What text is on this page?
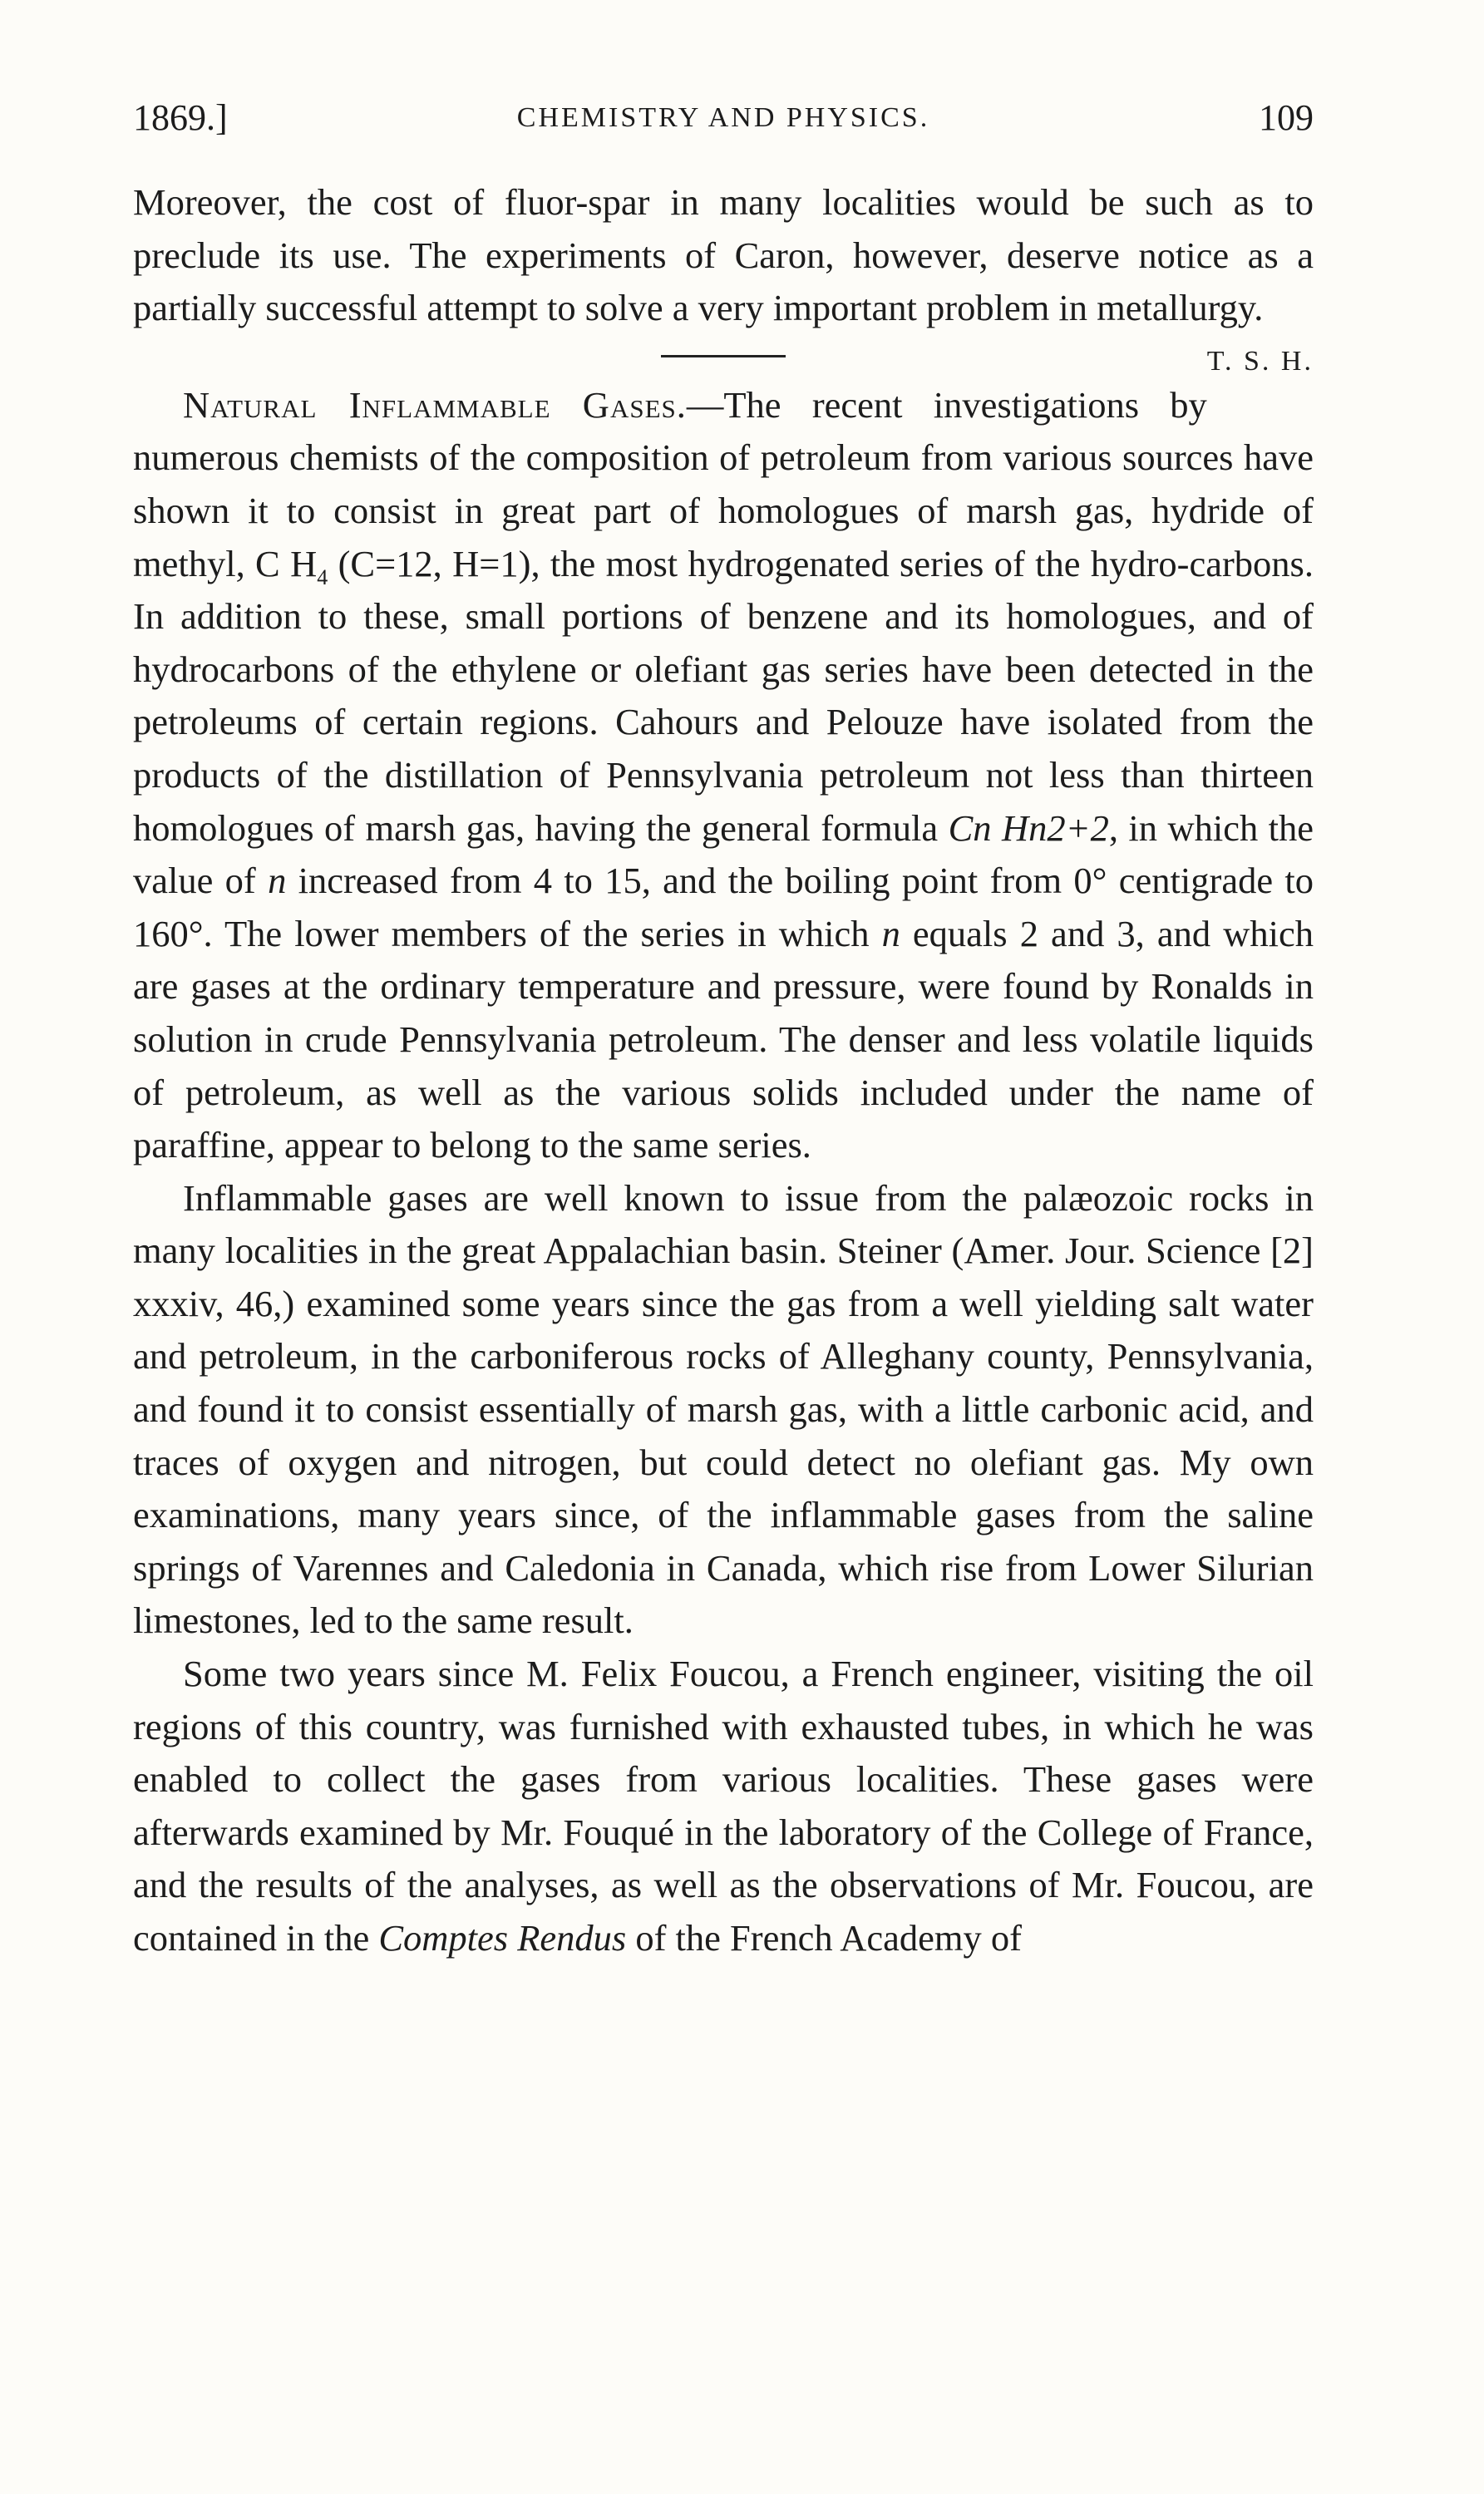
1869.]	CHEMISTRY AND PHYSICS.	109

Moreover, the cost of fluor-spar in many localities would be such as to preclude its use. The experiments of Caron, however, deserve notice as a partially successful attempt to solve a very important problem in metallurgy.
T. S. H.

Natural Inflammable Gases.—The recent investigations by numerous chemists of the composition of petroleum from various sources have shown it to consist in great part of homologues of marsh gas, hydride of methyl, C $H_4$ (C=12, H=1), the most hydrogenated series of the hydro-carbons. In addition to these, small portions of benzene and its homologues, and of hydrocarbons of the ethylene or olefiant gas series have been detected in the petroleums of certain regions. Cahours and Pelouze have isolated from the products of the distillation of Pennsylvania petroleum not less than thirteen homologues of marsh gas, having the general formula Cn Hn2+2, in which the value of n increased from 4 to 15, and the boiling point from 0° centigrade to 160°. The lower members of the series in which n equals 2 and 3, and which are gases at the ordinary temperature and pressure, were found by Ronalds in solution in crude Pennsylvania petroleum. The denser and less volatile liquids of petroleum, as well as the various solids included under the name of paraffine, appear to belong to the same series.

Inflammable gases are well known to issue from the palæozoic rocks in many localities in the great Appalachian basin. Steiner (Amer. Jour. Science [2] xxxiv, 46,) examined some years since the gas from a well yielding salt water and petroleum, in the carboniferous rocks of Alleghany county, Pennsylvania, and found it to consist essentially of marsh gas, with a little carbonic acid, and traces of oxygen and nitrogen, but could detect no olefiant gas. My own examinations, many years since, of the inflammable gases from the saline springs of Varennes and Caledonia in Canada, which rise from Lower Silurian limestones, led to the same result.

Some two years since M. Felix Foucou, a French engineer, visiting the oil regions of this country, was furnished with exhausted tubes, in which he was enabled to collect the gases from various localities. These gases were afterwards examined by Mr. Fouqué in the laboratory of the College of France, and the results of the analyses, as well as the observations of Mr. Foucou, are contained in the Comptes Rendus of the French Academy of
